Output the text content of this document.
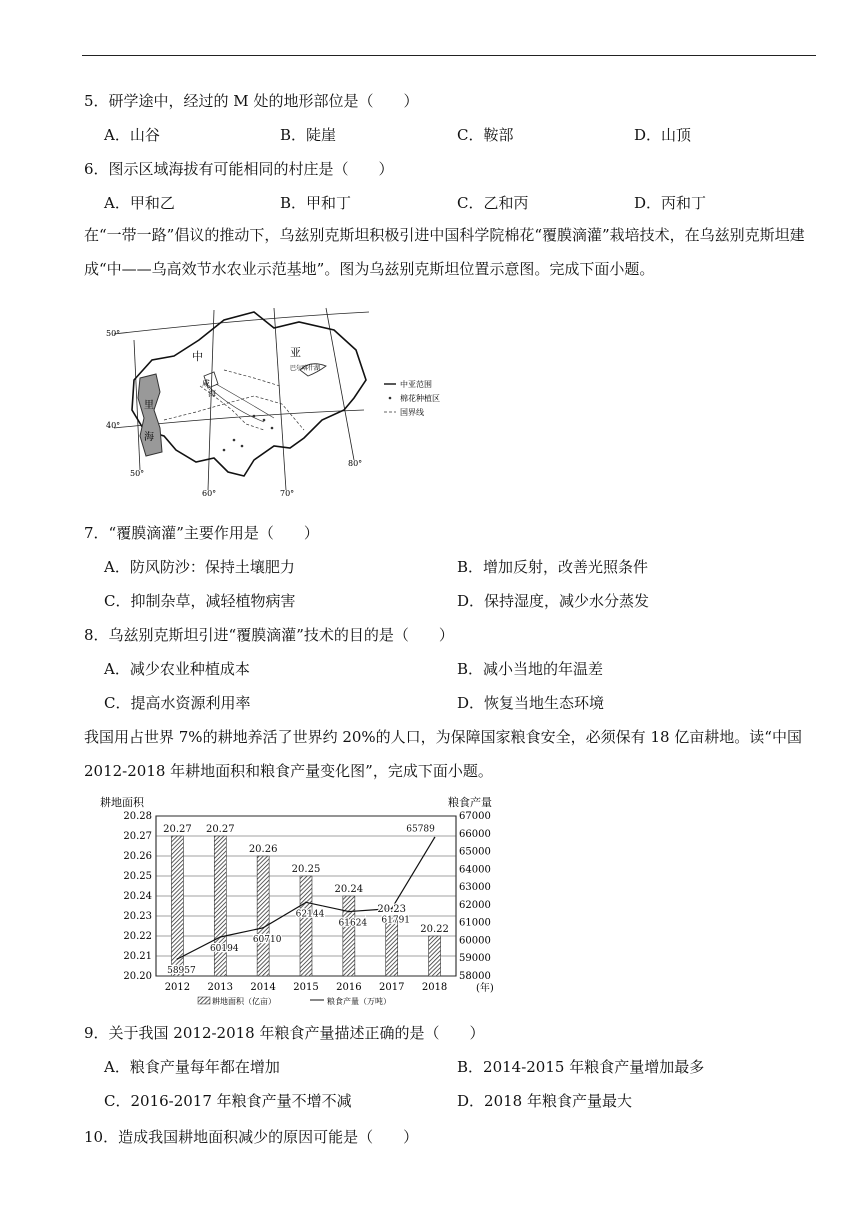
5．研学途中，经过的 M 处的地形部位是（　　）
A．山谷	B．陡崖	C．鞍部	D．山顶
6．图示区域海拔有可能相同的村庄是（　　）
A．甲和乙	B．甲和丁	C．乙和丙	D．丙和丁
在“一带一路”倡议的推动下，乌兹别克斯坦积极引进中国科学院棉花“覆膜滴灌”栽培技术，在乌兹别克斯坦建成“中——乌高效节水农业示范基地”。图为乌兹别克斯坦位置示意图。完成下面小题。
50°
40°
50°
60°	70°
80°
中	亚
里
海
咸
海
巴尔喀什湖
中亚范围
棉花种植区
国界线
7．“覆膜滴灌”主要作用是（　　）
A．防风防沙：保持土壤肥力	B．增加反射，改善光照条件
C．抑制杂草，减轻植物病害	D．保持湿度，减少水分蒸发
8．乌兹别克斯坦引进“覆膜滴灌”技术的目的是（　　）
A．减少农业种植成本	B．减小当地的年温差
C．提高水资源利用率	D．恢复当地生态环境
我国用占世界 7%的耕地养活了世界约 20%的人口，为保障国家粮食安全，必须保有 18 亿亩耕地。读“中国 2012-2018 年耕地面积和粮食产量变化图”，完成下面小题。
耕地面积	粮食产量
20.27 20.27
20.26
20.25
20.24
20.23
20.22
58957
60194
60710
62144
61624 61791
65789
20.28
20.27
20.26
20.25
20.24
20.23
20.22
20.21
20.20
67000
66000
65000
64000
63000
62000
61000
60000
59000
58000
2012 2013 2014 2015 2016 2017 2018	(年)
耕地面积（亿亩）	粮食产量（万吨）
9．关于我国 2012-2018 年粮食产量描述正确的是（　　）
A．粮食产量每年都在增加	B．2014-2015 年粮食产量增加最多
C．2016-2017 年粮食产量不增不减	D．2018 年粮食产量最大
10．造成我国耕地面积减少的原因可能是（　　）
